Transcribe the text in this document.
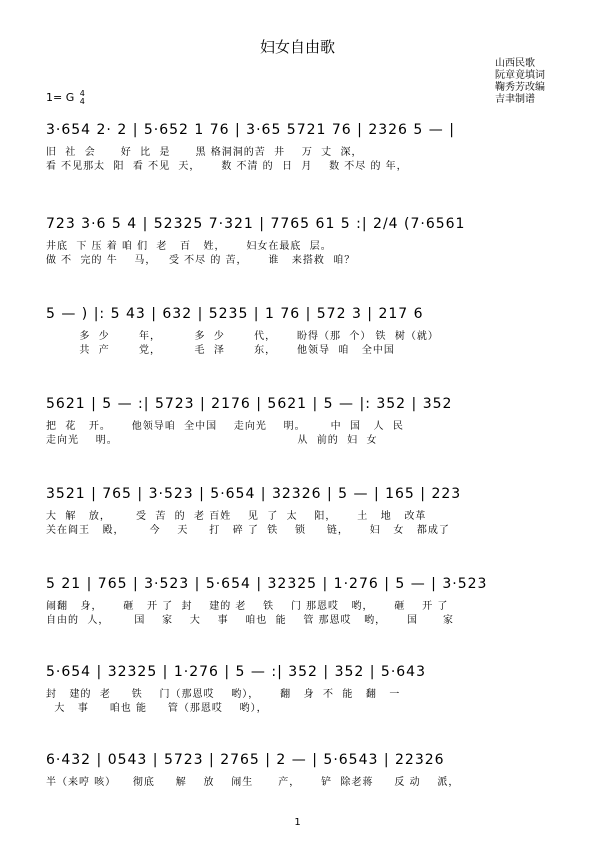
妇女自由歌
山西民歌
阮章竟填词
鞠秀芳改编
吉聿制谱
1= G 4
4
3·654 2· 2 | 5·652 1 76 | 3·65 5721 76 | 2326 5 — |
旧  社  会      好  比  是      黑 格洞洞的苦  井    万  丈  深，
看 不见那太  阳  看 不见  天，     数 不清 的  日  月    数 不尽 的 年，
723 3·6 5 4 | 52325 7·321 | 7765 61 5 :| 2/4 (7·6561
井底  下 压 着 咱 们  老   百   姓，     妇女在最底  层。
做 不  完的 牛    马，   受 不尽 的 苦，     谁   来搭救  咱？
5 — ) |: 5 43 | 632 | 5235 | 1 76 | 572 3 | 217 6
多  少       年，        多  少       代，     盼得（那  个） 铁  树（就）
共  产       党，        毛  泽       东，     他领导  咱   全中国
5621 | 5 — :| 5723 | 2176 | 5621 | 5 — |: 352 | 352
把  花   开。     他领导咱  全中国    走向光    明。      中  国   人  民
走向光    明。                                           从  前的  妇  女
3521 | 765 | 3·523 | 5·654 | 32326 | 5 — | 165 | 223
大  解   放，      受  苦  的  老 百姓    见  了  太    阳，     土   地   改革
关在阎王   殿，      今    天     打   碎 了  铁    锁     链，     妇   女   都成了
5 21 | 765 | 3·523 | 5·654 | 32325 | 1·276 | 5 — | 3·523
闹翻   身，     砸   开 了  封    建的 老    铁    门 那恩哎   哟，     砸    开 了
自由的  人，      国    家    大    事    咱也  能    管 那恩哎   哟，     国      家
5·654 | 32325 | 1·276 | 5 — :| 352 | 352 | 5·643
封   建的  老     铁    门（那恩哎    哟），     翻   身  不  能   翻   一
大   事     咱也 能     管（那恩哎    哟），
6·432 | 0543 | 5723 | 2765 | 2 — | 5·6543 | 22326
半（来哼 咳）    彻底     解    放    闹生      产，     铲  除老蒋     反 动    派，
1
